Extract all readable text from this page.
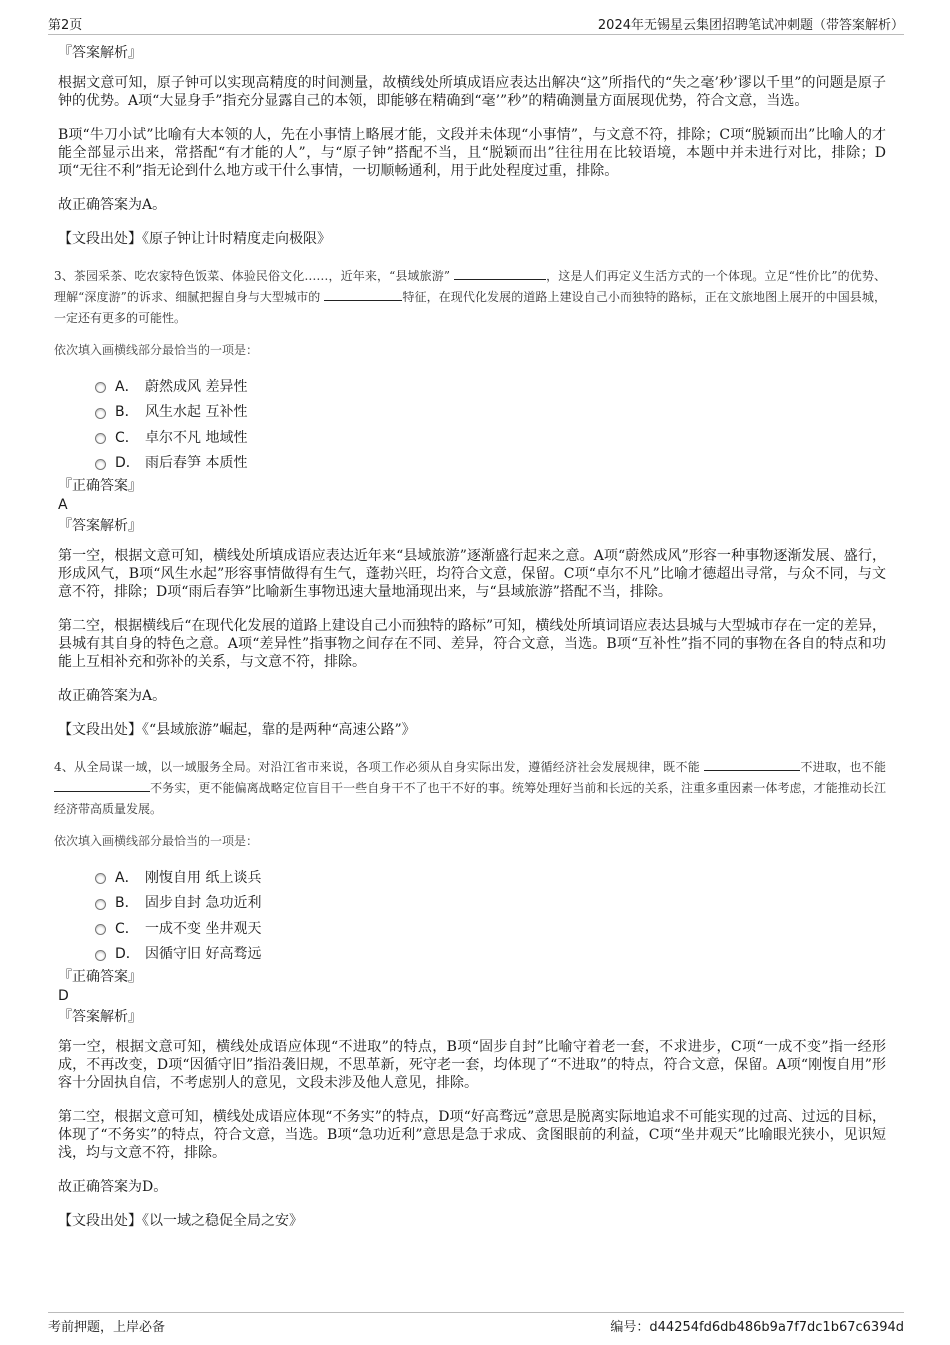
第2页	2024年无锡星云集团招聘笔试冲刺题（带答案解析）
『答案解析』

根据文意可知，原子钟可以实现高精度的时间测量，故横线处所填成语应表达出解决“这”所指代的“失之毫’秒’谬以千里”的问题是原子钟的优势。A项“大显身手”指充分显露自己的本领，即能够在精确到“毫’”秒”的精确测量方面展现优势，符合文意，当选。

B项“牛刀小试”比喻有大本领的人，先在小事情上略展才能，文段并未体现“小事情”，与文意不符，排除；C项“脱颖而出”比喻人的才能全部显示出来，常搭配“有才能的人”，与“原子钟”搭配不当，且“脱颖而出”往往用在比较语境，本题中并未进行对比，排除；D项“无往不利”指无论到什么地方或干什么事情，一切顺畅通利，用于此处程度过重，排除。

故正确答案为A。

【文段出处】《原子钟让计时精度走向极限》

3、茶园采茶、吃农家特色饭菜、体验民俗文化……，近年来，“县域旅游”	，这是人们再定义生活方式的一个体现。立足“性价比”的优势、理解“深度游”的诉求、细腻把握自身与大型城市的	特征，在现代化发展的道路上建设自己小而独特的路标，正在文旅地图上展开的中国县城，一定还有更多的可能性。
依次填入画横线部分最恰当的一项是：
A． 蔚然成风 差异性
B． 风生水起 互补性
C． 卓尔不凡 地域性
D． 雨后春笋 本质性
『正确答案』
A
『答案解析』

第一空，根据文意可知，横线处所填成语应表达近年来“县域旅游”逐渐盛行起来之意。A项“蔚然成风”形容一种事物逐渐发展、盛行，形成风气，B项“风生水起”形容事情做得有生气，蓬勃兴旺，均符合文意，保留。C项“卓尔不凡”比喻才德超出寻常，与众不同，与文意不符，排除；D项“雨后春笋”比喻新生事物迅速大量地涌现出来，与“县域旅游”搭配不当，排除。

第二空，根据横线后“在现代化发展的道路上建设自己小而独特的路标”可知，横线处所填词语应表达县城与大型城市存在一定的差异，县城有其自身的特色之意。A项“差异性”指事物之间存在不同、差异，符合文意，当选。B项“互补性”指不同的事物在各自的特点和功能上互相补充和弥补的关系，与文意不符，排除。

故正确答案为A。

【文段出处】《“县域旅游”崛起，靠的是两种“高速公路”》

4、从全局谋一域，以一域服务全局。对沿江省市来说，各项工作必须从自身实际出发，遵循经济社会发展规律，既不能	不进取，也不能 不务实，更不能偏离战略定位盲目干一些自身干不了也干不好的事。统筹处理好当前和长远的关系，注重多重因素一体考虑，才能推动长江经济带高质量发展。
依次填入画横线部分最恰当的一项是：
A． 刚愎自用 纸上谈兵
B． 固步自封 急功近利
C． 一成不变 坐井观天
D． 因循守旧 好高骛远
『正确答案』
D
『答案解析』

第一空，根据文意可知，横线处成语应体现“不进取”的特点，B项“固步自封”比喻守着老一套，不求进步，C项“一成不变”指一经形成，不再改变，D项“因循守旧”指沿袭旧规，不思革新，死守老一套，均体现了“不进取”的特点，符合文意，保留。A项“刚愎自用”形容十分固执自信，不考虑别人的意见，文段未涉及他人意见，排除。

第二空，根据文意可知，横线处成语应体现“不务实”的特点，D项“好高骛远”意思是脱离实际地追求不可能实现的过高、过远的目标，体现了“不务实”的特点，符合文意，当选。B项“急功近利”意思是急于求成、贪图眼前的利益，C项“坐井观天”比喻眼光狭小，见识短浅，均与文意不符，排除。

故正确答案为D。

【文段出处】《以一域之稳促全局之安》

考前押题，上岸必备	编号：d44254fd6db486b9a7f7dc1b67c6394d
